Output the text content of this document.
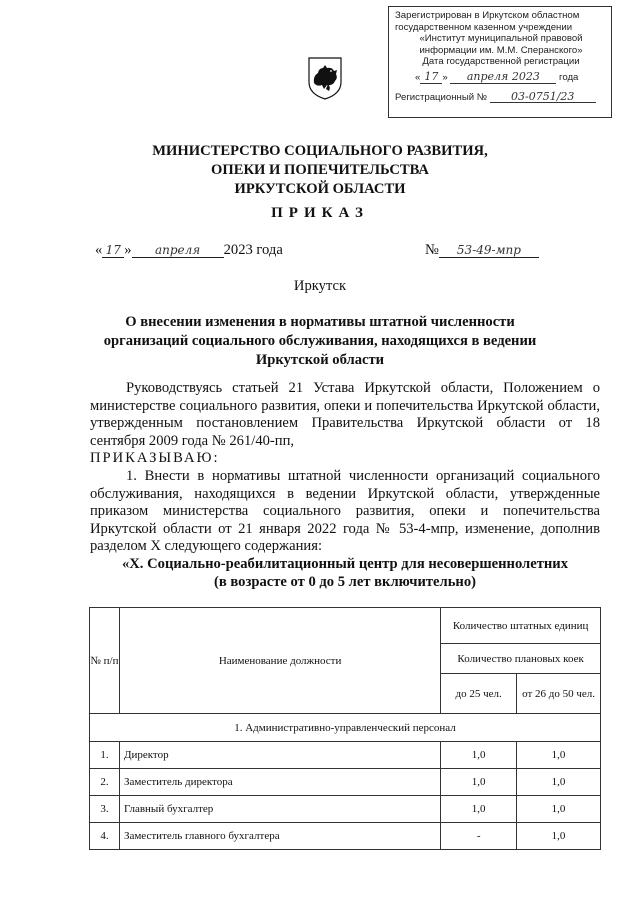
Зарегистрирован в Иркутском областном
государственном казенном учреждении
«Институт муниципальной правовой
информации им. М.М. Сперанского»
Дата государственной регистрации
« 17 » апреля 2023 года
Регистрационный № 03-0751/23
МИНИСТЕРСТВО СОЦИАЛЬНОГО РАЗВИТИЯ,
ОПЕКИ И ПОПЕЧИТЕЛЬСТВА
ИРКУТСКОЙ ОБЛАСТИ
ПРИКАЗ
« 17 » апреля 2023 года	№ 53-49-мпр
Иркутск
О внесении изменения в нормативы штатной численности
организаций социального обслуживания, находящихся в ведении
Иркутской области

Руководствуясь статьей 21 Устава Иркутской области, Положением о министерстве социального развития, опеки и попечительства Иркутской области, утвержденным постановлением Правительства Иркутской области от 18 сентября 2009 года № 261/40-пп,

ПРИКАЗЫВАЮ:

1. Внести в нормативы штатной численности организаций социального обслуживания, находящихся в ведении Иркутской области, утвержденные приказом министерства социального развития, опеки и попечительства Иркутской области от 21 января 2022 года № 53-4-мпр, изменение, дополнив разделом X следующего содержания:

«X. Социально-реабилитационный центр для несовершеннолетних
(в возрасте от 0 до 5 лет включительно)
№ п/п	Наименование должности	Количество штатных единиц	
		Количество плановых коек	
		до 25 чел.	от 26 до 50 чел.
1. Административно-управленческий персонал			
1.	Директор	1,0	1,0
2.	Заместитель директора	1,0	1,0
3.	Главный бухгалтер	1,0	1,0
4.	Заместитель главного бухгалтера	-	1,0
